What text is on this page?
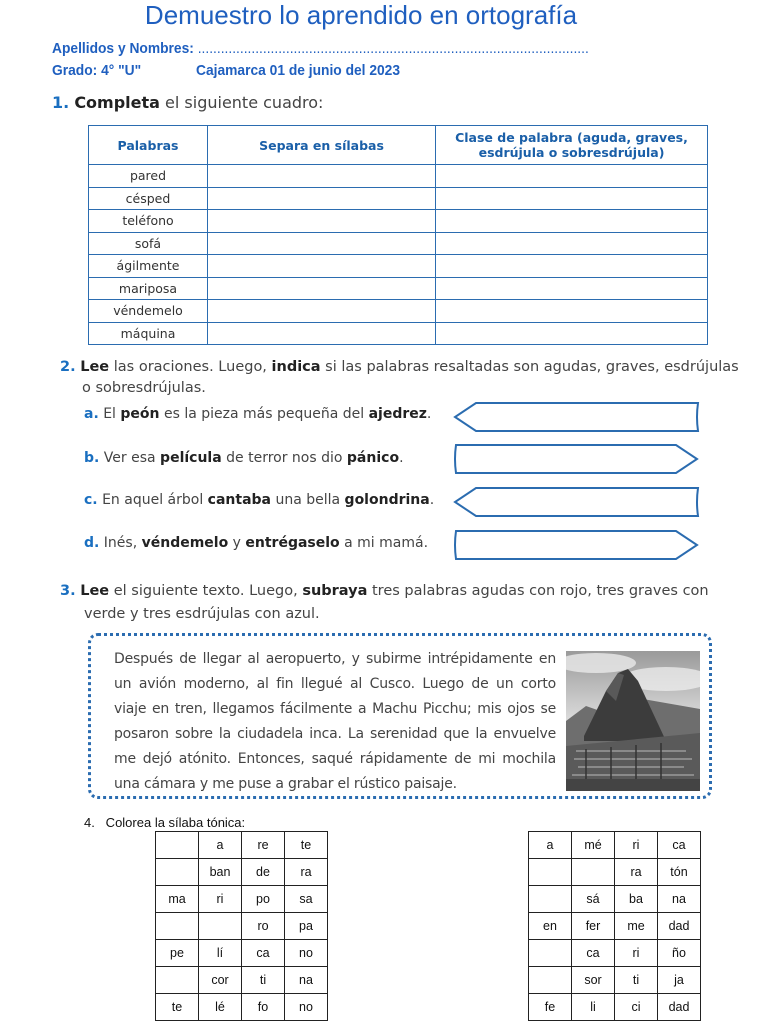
Demuestro lo aprendido en ortografía
Apellidos y Nombres: ......................................................................................................
Grado: 4° "U"	Cajamarca 01 de junio del 2023
1. Completa el siguiente cuadro:
Palabras	Separa en sílabas	Clase de palabra (aguda, graves, esdrújula o sobresdrújula)
pared		
césped		
teléfono		
sofá		
ágilmente		
mariposa		
véndemelo		
máquina		
2. Lee las oraciones. Luego, indica si las palabras resaltadas son agudas, graves, esdrújulas
o sobresdrújulas.
a. El peón es la pieza más pequeña del ajedrez.
b. Ver esa película de terror nos dio pánico.
c. En aquel árbol cantaba una bella golondrina.
d. Inés, véndemelo y entrégaselo a mi mamá.
3. Lee el siguiente texto. Luego, subraya tres palabras agudas con rojo, tres graves con
verde y tres esdrújulas con azul.
Después de llegar al aeropuerto, y subirme intrépidamente en un avión moderno, al fin llegué al Cusco. Luego de un corto viaje en tren, llegamos fácilmente a Machu Picchu; mis ojos se posaron sobre la ciudadela inca. La serenidad que la envuelve me dejó atónito. Entonces, saqué rápidamente de mi mochila una cámara y me puse a grabar el rústico paisaje.
4.   Colorea la sílaba tónica:
	a	re	te
	ban	de	ra
ma	ri	po	sa
		ro	pa
pe	lí	ca	no
	cor	ti	na
te	lé	fo	no
a	mé	ri	ca
		ra	tón
	sá	ba	na
en	fer	me	dad
	ca	ri	ño
	sor	ti	ja
fe	li	ci	dad
